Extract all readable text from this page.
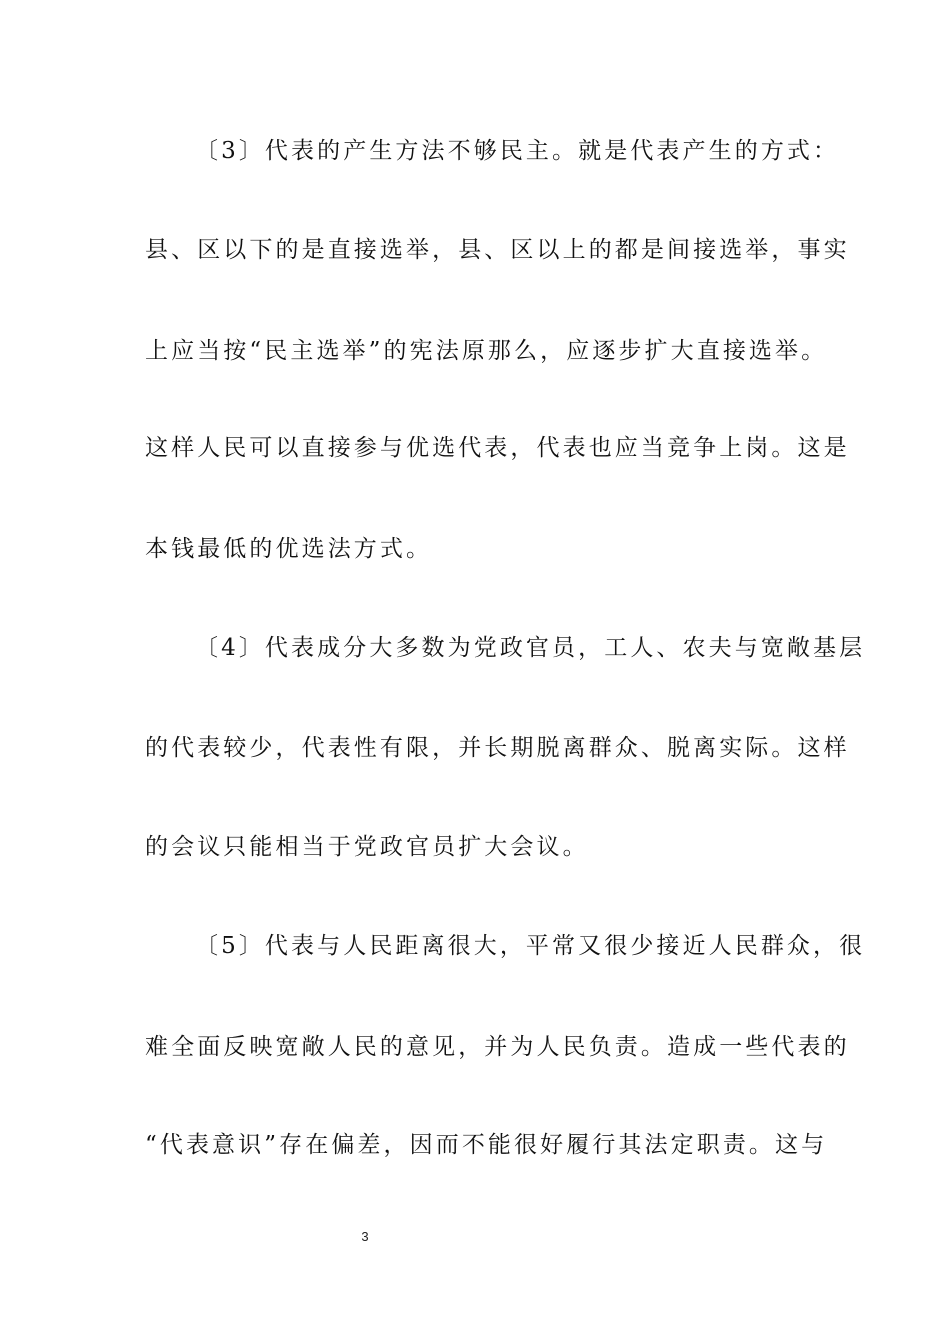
〔3〕代表的产生方法不够民主。就是代表产生的方式：
县、区以下的是直接选举，县、区以上的都是间接选举，事实
上应当按“民主选举”的宪法原那么，应逐步扩大直接选举。
这样人民可以直接参与优选代表，代表也应当竞争上岗。这是
本钱最低的优选法方式。
〔4〕代表成分大多数为党政官员，工人、农夫与宽敞基层
的代表较少，代表性有限，并长期脱离群众、脱离实际。这样
的会议只能相当于党政官员扩大会议。
〔5〕代表与人民距离很大，平常又很少接近人民群众，很
难全面反映宽敞人民的意见，并为人民负责。造成一些代表的
“代表意识”存在偏差，因而不能很好履行其法定职责。这与
3
